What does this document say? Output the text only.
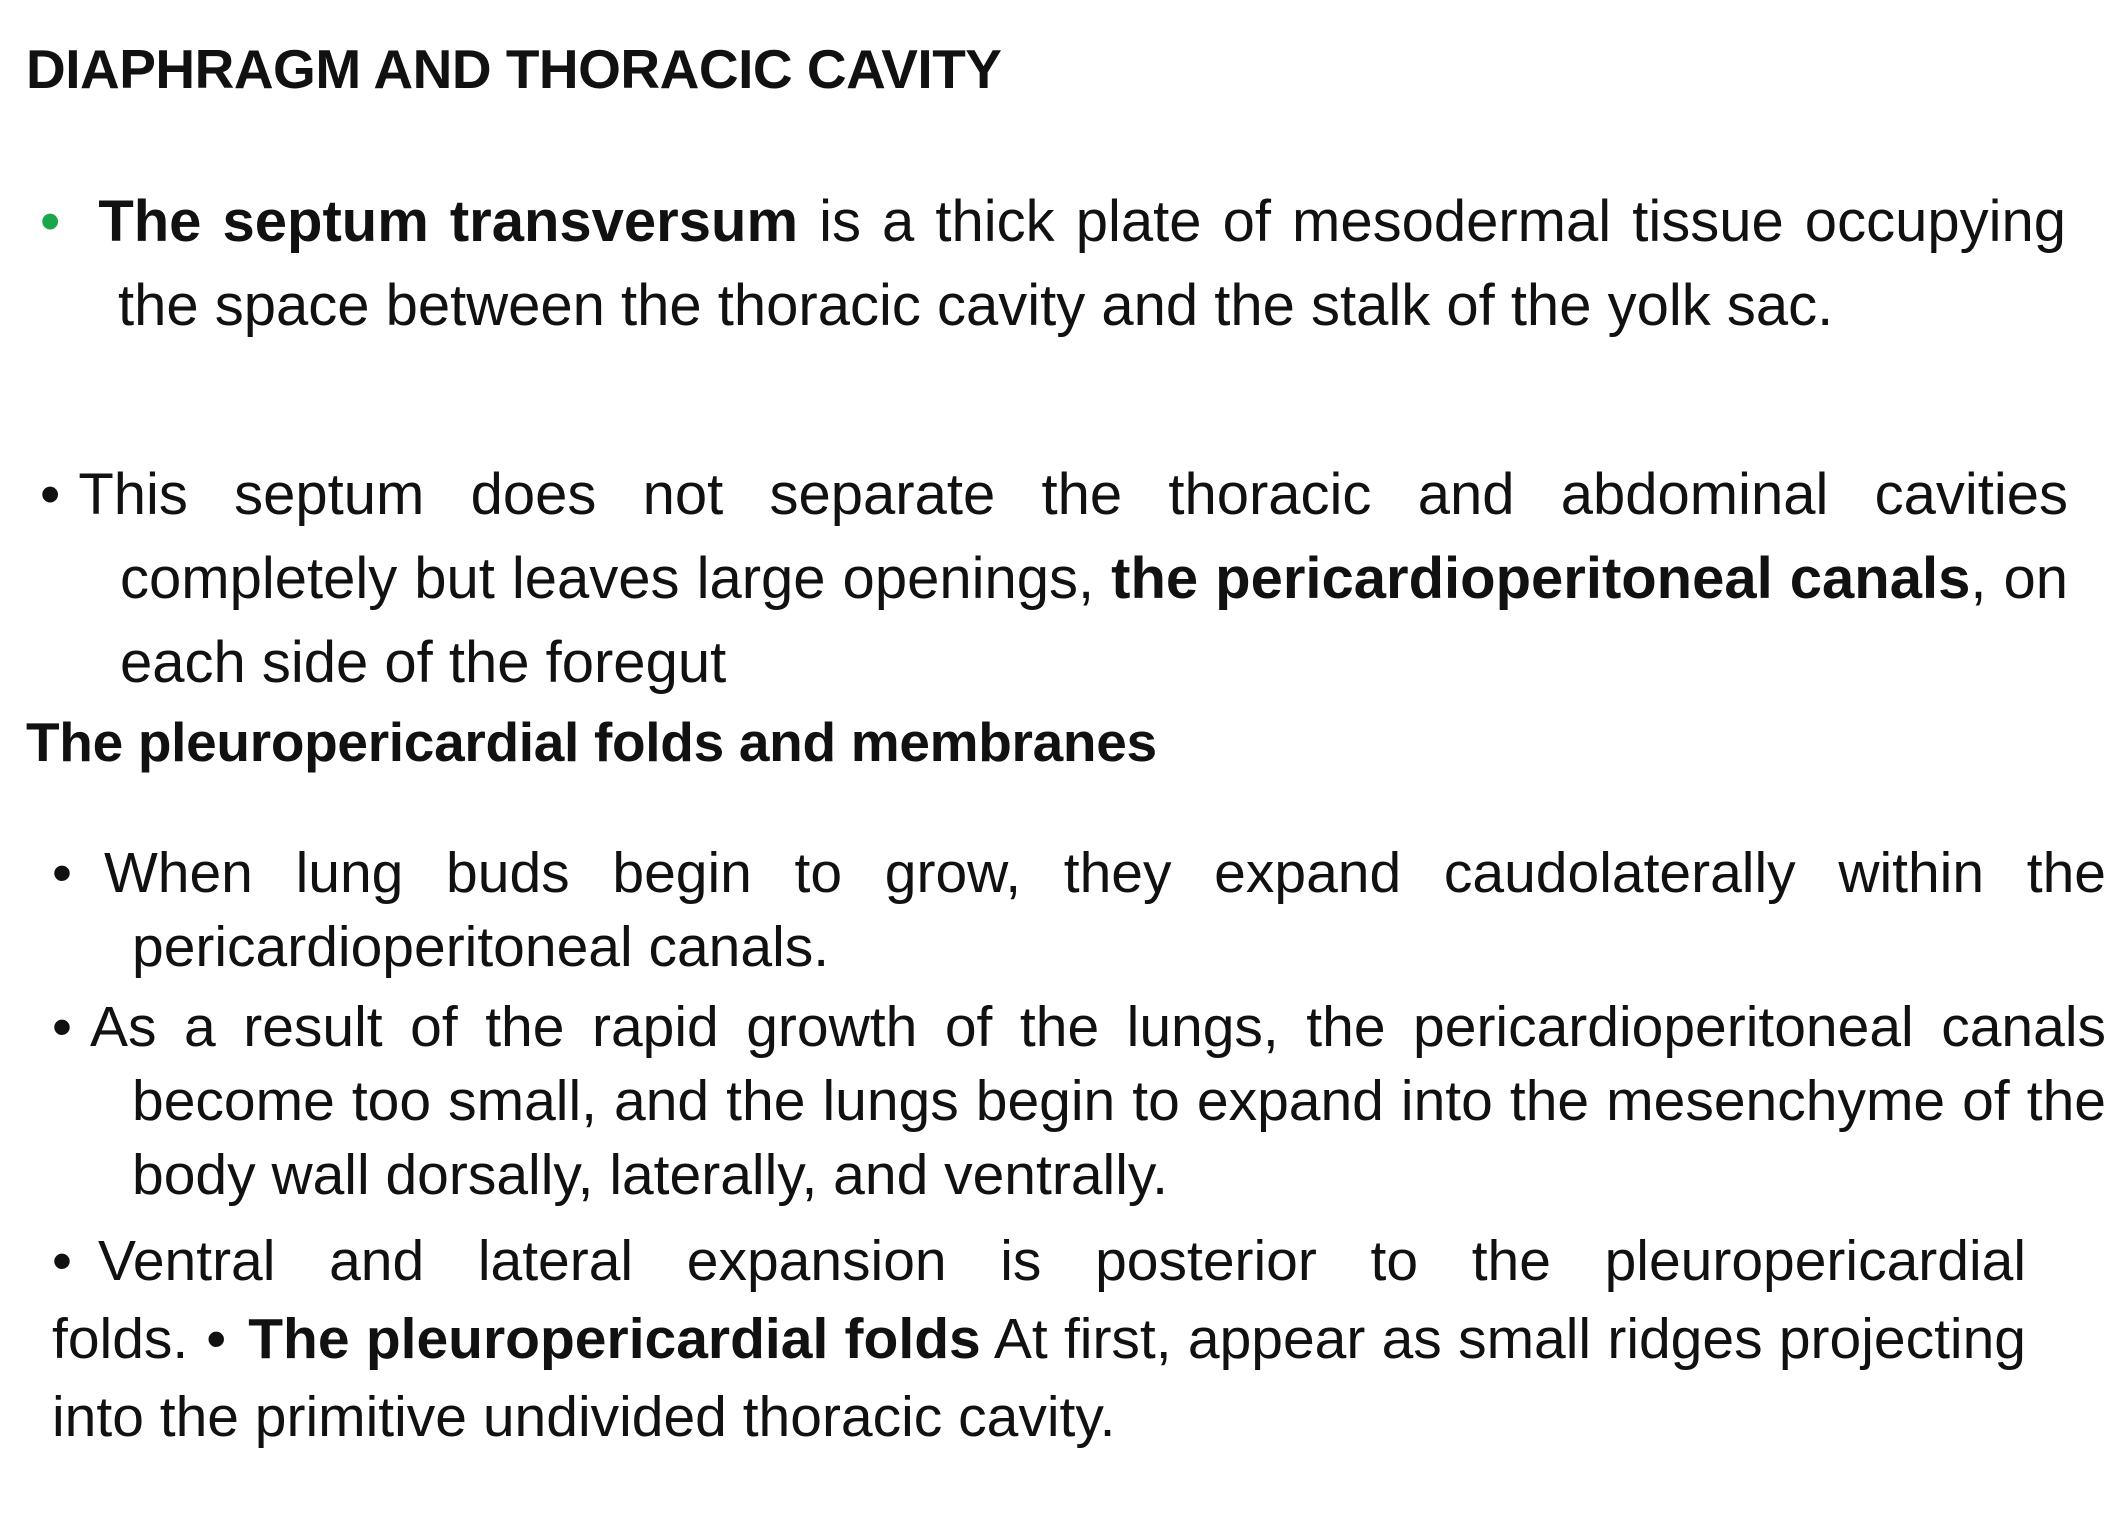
DIAPHRAGM AND THORACIC CAVITY

• The septum transversum is a thick plate of mesodermal tissue occupying the space between the thoracic cavity and the stalk of the yolk sac.

• This septum does not separate the thoracic and abdominal cavities completely but leaves large openings, the pericardioperitoneal canals, on each side of the foregut

The pleuropericardial folds and membranes

• When lung buds begin to grow, they expand caudolaterally within the pericardioperitoneal canals.

• As a result of the rapid growth of the lungs, the pericardioperitoneal canals become too small, and the lungs begin to expand into the mesenchyme of the body wall dorsally, laterally, and ventrally.

• Ventral and lateral expansion is posterior to the pleuropericardial folds. • The pleuropericardial folds At first, appear as small ridges projecting into the primitive undivided thoracic cavity.
